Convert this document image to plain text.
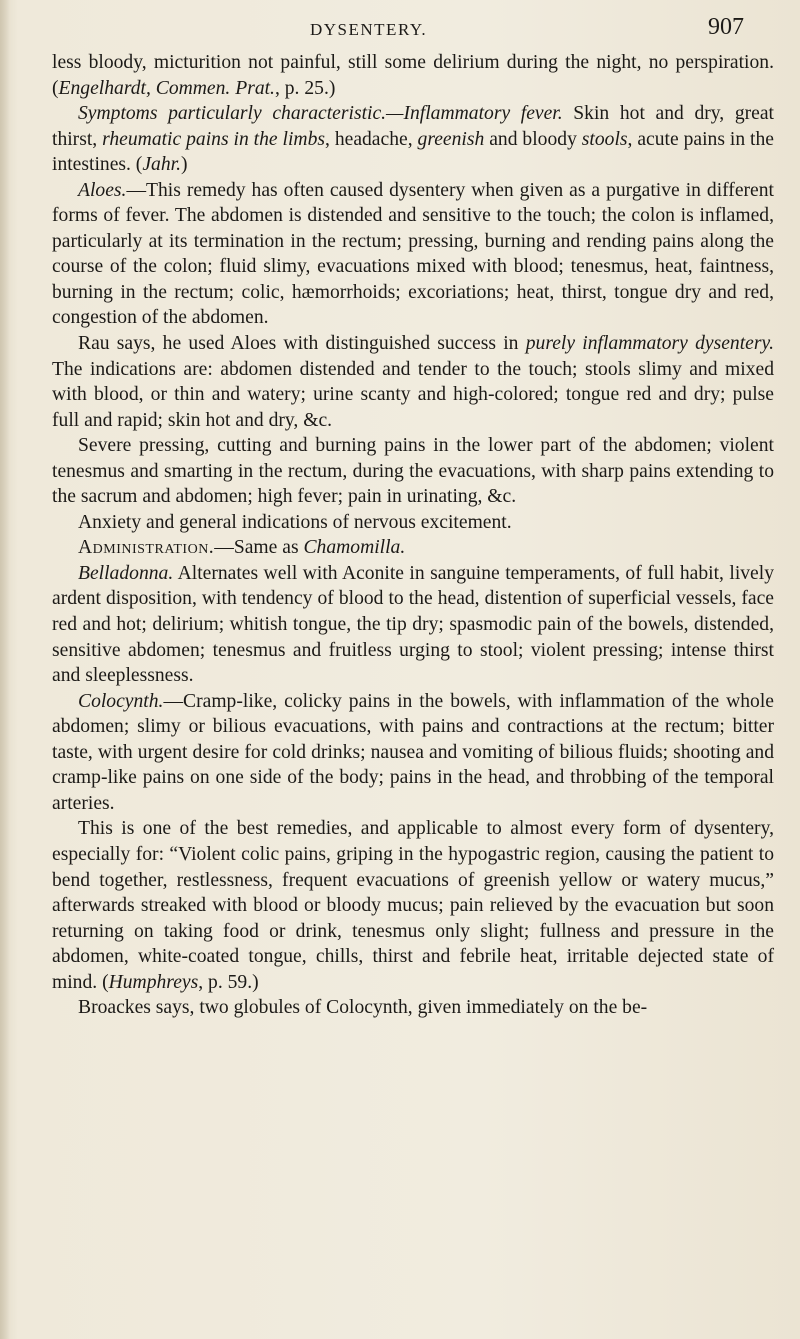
DYSENTERY.	907

less bloody, micturition not painful, still some delirium during the night, no perspiration. (Engelhardt, Commen. Prat., p. 25.)

Symptoms particularly characteristic.—Inflammatory fever. Skin hot and dry, great thirst, rheumatic pains in the limbs, headache, greenish and bloody stools, acute pains in the intestines. (Jahr.)

Aloes.—This remedy has often caused dysentery when given as a purgative in different forms of fever. The abdomen is distended and sensitive to the touch; the colon is inflamed, particularly at its termination in the rectum; pressing, burning and rending pains along the course of the colon; fluid slimy, evacuations mixed with blood; tenesmus, heat, faintness, burning in the rectum; colic, hæmorrhoids; excoriations; heat, thirst, tongue dry and red, congestion of the abdomen.

Rau says, he used Aloes with distinguished success in purely inflammatory dysentery. The indications are: abdomen distended and tender to the touch; stools slimy and mixed with blood, or thin and watery; urine scanty and high-colored; tongue red and dry; pulse full and rapid; skin hot and dry, &c.

Severe pressing, cutting and burning pains in the lower part of the abdomen; violent tenesmus and smarting in the rectum, during the evacuations, with sharp pains extending to the sacrum and abdomen; high fever; pain in urinating, &c.

Anxiety and general indications of nervous excitement.

Administration.—Same as Chamomilla.

Belladonna. Alternates well with Aconite in sanguine temperaments, of full habit, lively ardent disposition, with tendency of blood to the head, distention of superficial vessels, face red and hot; delirium; whitish tongue, the tip dry; spasmodic pain of the bowels, distended, sensitive abdomen; tenesmus and fruitless urging to stool; violent pressing; intense thirst and sleeplessness.

Colocynth.—Cramp-like, colicky pains in the bowels, with inflammation of the whole abdomen; slimy or bilious evacuations, with pains and contractions at the rectum; bitter taste, with urgent desire for cold drinks; nausea and vomiting of bilious fluids; shooting and cramp-like pains on one side of the body; pains in the head, and throbbing of the temporal arteries.

This is one of the best remedies, and applicable to almost every form of dysentery, especially for: “Violent colic pains, griping in the hypogastric region, causing the patient to bend together, restlessness, frequent evacuations of greenish yellow or watery mucus,” afterwards streaked with blood or bloody mucus; pain relieved by the evacuation but soon returning on taking food or drink, tenesmus only slight; fullness and pressure in the abdomen, white-coated tongue, chills, thirst and febrile heat, irritable dejected state of mind. (Humphreys, p. 59.)

Broackes says, two globules of Colocynth, given immediately on the be-
